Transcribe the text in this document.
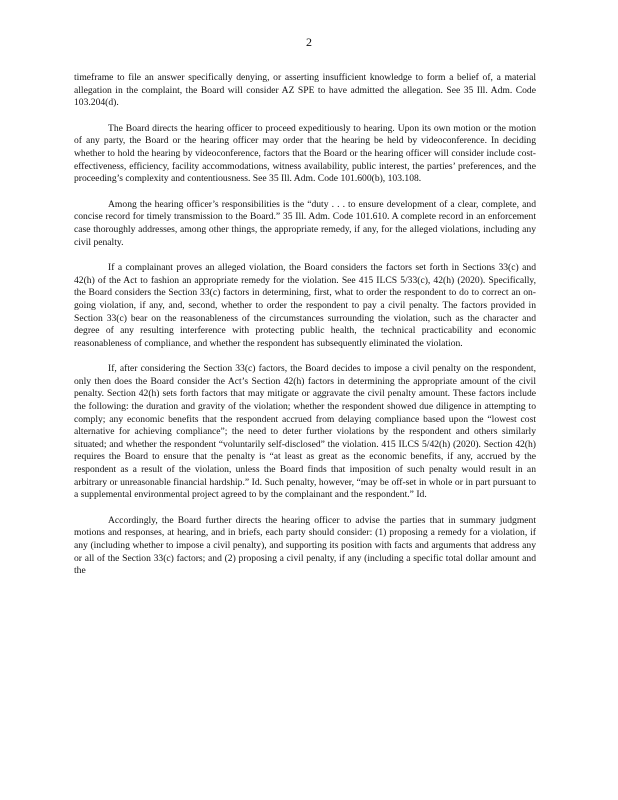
2

timeframe to file an answer specifically denying, or asserting insufficient knowledge to form a belief of, a material allegation in the complaint, the Board will consider AZ SPE to have admitted the allegation. See 35 Ill. Adm. Code 103.204(d).

The Board directs the hearing officer to proceed expeditiously to hearing. Upon its own motion or the motion of any party, the Board or the hearing officer may order that the hearing be held by videoconference. In deciding whether to hold the hearing by videoconference, factors that the Board or the hearing officer will consider include cost-effectiveness, efficiency, facility accommodations, witness availability, public interest, the parties’ preferences, and the proceeding’s complexity and contentiousness. See 35 Ill. Adm. Code 101.600(b), 103.108.

Among the hearing officer’s responsibilities is the “duty . . . to ensure development of a clear, complete, and concise record for timely transmission to the Board.” 35 Ill. Adm. Code 101.610. A complete record in an enforcement case thoroughly addresses, among other things, the appropriate remedy, if any, for the alleged violations, including any civil penalty.

If a complainant proves an alleged violation, the Board considers the factors set forth in Sections 33(c) and 42(h) of the Act to fashion an appropriate remedy for the violation. See 415 ILCS 5/33(c), 42(h) (2020). Specifically, the Board considers the Section 33(c) factors in determining, first, what to order the respondent to do to correct an on-going violation, if any, and, second, whether to order the respondent to pay a civil penalty. The factors provided in Section 33(c) bear on the reasonableness of the circumstances surrounding the violation, such as the character and degree of any resulting interference with protecting public health, the technical practicability and economic reasonableness of compliance, and whether the respondent has subsequently eliminated the violation.

If, after considering the Section 33(c) factors, the Board decides to impose a civil penalty on the respondent, only then does the Board consider the Act’s Section 42(h) factors in determining the appropriate amount of the civil penalty. Section 42(h) sets forth factors that may mitigate or aggravate the civil penalty amount. These factors include the following: the duration and gravity of the violation; whether the respondent showed due diligence in attempting to comply; any economic benefits that the respondent accrued from delaying compliance based upon the “lowest cost alternative for achieving compliance”; the need to deter further violations by the respondent and others similarly situated; and whether the respondent “voluntarily self-disclosed” the violation. 415 ILCS 5/42(h) (2020). Section 42(h) requires the Board to ensure that the penalty is “at least as great as the economic benefits, if any, accrued by the respondent as a result of the violation, unless the Board finds that imposition of such penalty would result in an arbitrary or unreasonable financial hardship.” Id. Such penalty, however, “may be off-set in whole or in part pursuant to a supplemental environmental project agreed to by the complainant and the respondent.” Id.

Accordingly, the Board further directs the hearing officer to advise the parties that in summary judgment motions and responses, at hearing, and in briefs, each party should consider: (1) proposing a remedy for a violation, if any (including whether to impose a civil penalty), and supporting its position with facts and arguments that address any or all of the Section 33(c) factors; and (2) proposing a civil penalty, if any (including a specific total dollar amount and the
